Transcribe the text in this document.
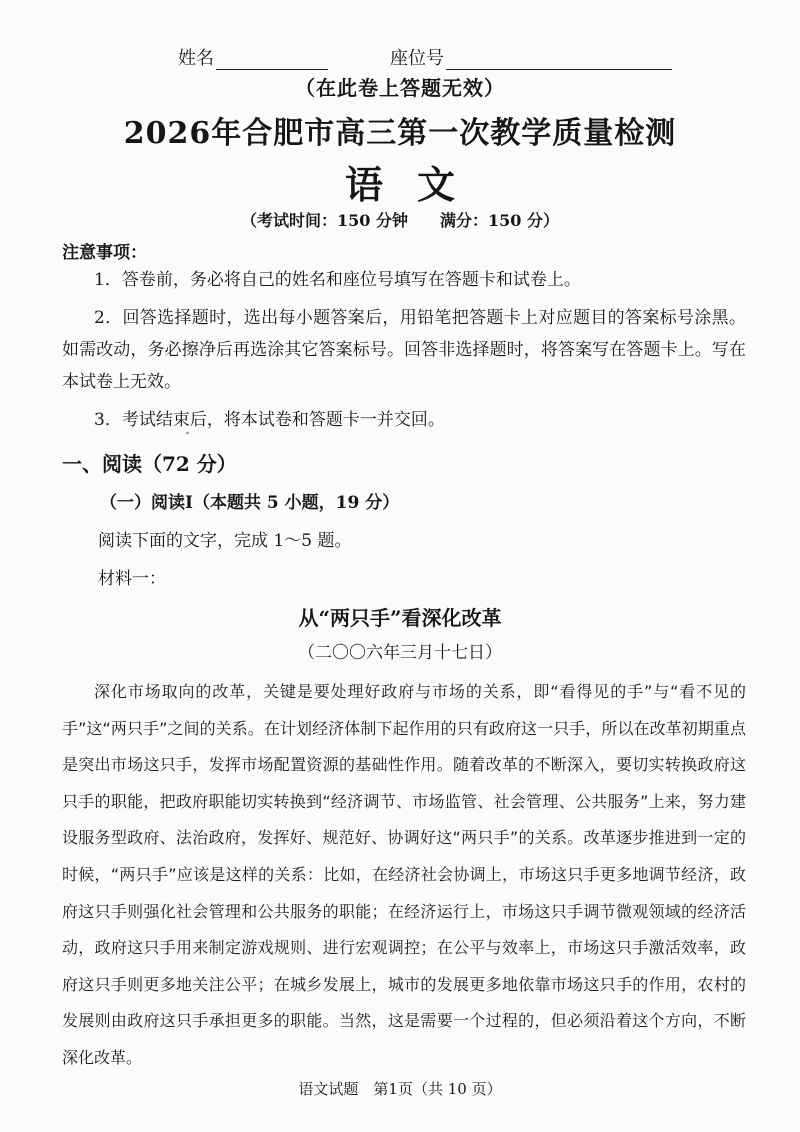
姓名	座位号
（在此卷上答题无效）
2026年合肥市高三第一次教学质量检测
语文
（考试时间：150 分钟　　满分：150 分）
注意事项：

1．答卷前，务必将自己的姓名和座位号填写在答题卡和试卷上。

2．回答选择题时，选出每小题答案后，用铅笔把答题卡上对应题目的答案标号涂黑。如需改动，务必擦净后再选涂其它答案标号。回答非选择题时，将答案写在答题卡上。写在本试卷上无效。

3．考试结束后，将本试卷和答题卡一并交回。

一、阅读（72 分）
（一）阅读Ⅰ（本题共 5 小题，19 分）
阅读下面的文字，完成 1～5 题。
材料一：
从“两只手”看深化改革
（二〇〇六年三月十七日）
深化市场取向的改革，关键是要处理好政府与市场的关系，即“看得见的手”与“看不见的手”这“两只手”之间的关系。在计划经济体制下起作用的只有政府这一只手，所以在改革初期重点是突出市场这只手，发挥市场配置资源的基础性作用。随着改革的不断深入，要切实转换政府这只手的职能，把政府职能切实转换到“经济调节、市场监管、社会管理、公共服务”上来，努力建设服务型政府、法治政府，发挥好、规范好、协调好这“两只手”的关系。改革逐步推进到一定的时候，“两只手”应该是这样的关系：比如，在经济社会协调上，市场这只手更多地调节经济，政府这只手则强化社会管理和公共服务的职能；在经济运行上，市场这只手调节微观领域的经济活动，政府这只手用来制定游戏规则、进行宏观调控；在公平与效率上，市场这只手激活效率，政府这只手则更多地关注公平；在城乡发展上，城市的发展更多地依靠市场这只手的作用，农村的发展则由政府这只手承担更多的职能。当然，这是需要一个过程的，但必须沿着这个方向，不断深化改革。
语文试题　第1页（共 10 页）
